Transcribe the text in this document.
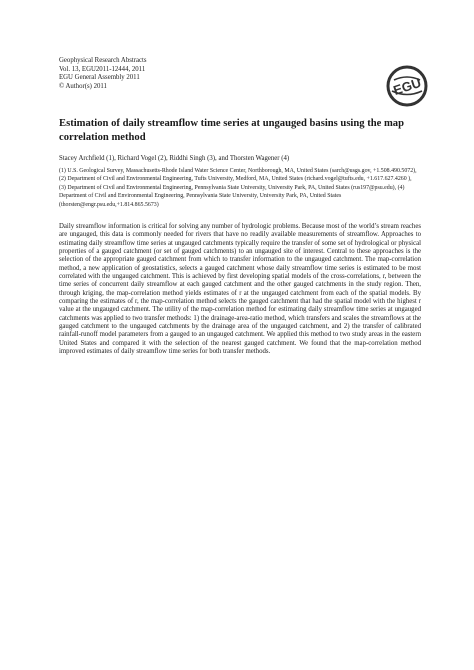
Geophysical Research Abstracts
Vol. 13, EGU2011-12444, 2011
EGU General Assembly 2011
© Author(s) 2011	EGU
Estimation of daily streamflow time series at ungauged basins using the map correlation method
Stacey Archfield (1), Richard Vogel (2), Riddhi Singh (3), and Thorsten Wagener (4)
(1) U.S. Geological Survey, Massachusetts-Rhode Island Water Science Center, Northborough, MA, United States (sarch@usgs.gov, +1.508.490.5072), (2) Department of Civil and Environmental Engineering, Tufts University, Medford, MA, United States (richard.vogel@tufts.edu, +1.617.627.4260 ), (3) Department of Civil and Environmental Engineering, Pennsylvania State University, University Park, PA, United States (rus197@psu.edu), (4) Department of Civil and Environmental Engineering, Pennsylvania State University, University Park, PA, United States (thorsten@engr.psu.edu,+1.814.865.5673)

Daily streamflow information is critical for solving any number of hydrologic problems. Because most of the world’s stream reaches are ungauged, this data is commonly needed for rivers that have no readily available measurements of streamflow. Approaches to estimating daily streamflow time series at ungauged catchments typically require the transfer of some set of hydrological or physical properties of a gauged catchment (or set of gauged catchments) to an ungauged site of interest. Central to these approaches is the selection of the appropriate gauged catchment from which to transfer information to the ungauged catchment. The map-correlation method, a new application of geostatistics, selects a gauged catchment whose daily streamflow time series is estimated to be most correlated with the ungauged catchment. This is achieved by first developing spatial models of the cross-correlations, r, between the time series of concurrent daily streamflow at each gauged catchment and the other gauged catchments in the study region. Then, through kriging, the map-correlation method yields estimates of r at the ungauged catchment from each of the spatial models. By comparing the estimates of r, the map-correlation method selects the gauged catchment that had the spatial model with the highest r value at the ungauged catchment. The utility of the map-correlation method for estimating daily streamflow time series at ungauged catchments was applied to two transfer methods: 1) the drainage-area-ratio method, which transfers and scales the streamflows at the gauged catchment to the ungauged catchments by the drainage area of the ungauged catchment, and 2) the transfer of calibrated rainfall-runoff model parameters from a gauged to an ungauged catchment. We applied this method to two study areas in the eastern United States and compared it with the selection of the nearest gauged catchment. We found that the map-correlation method improved estimates of daily streamflow time series for both transfer methods.
